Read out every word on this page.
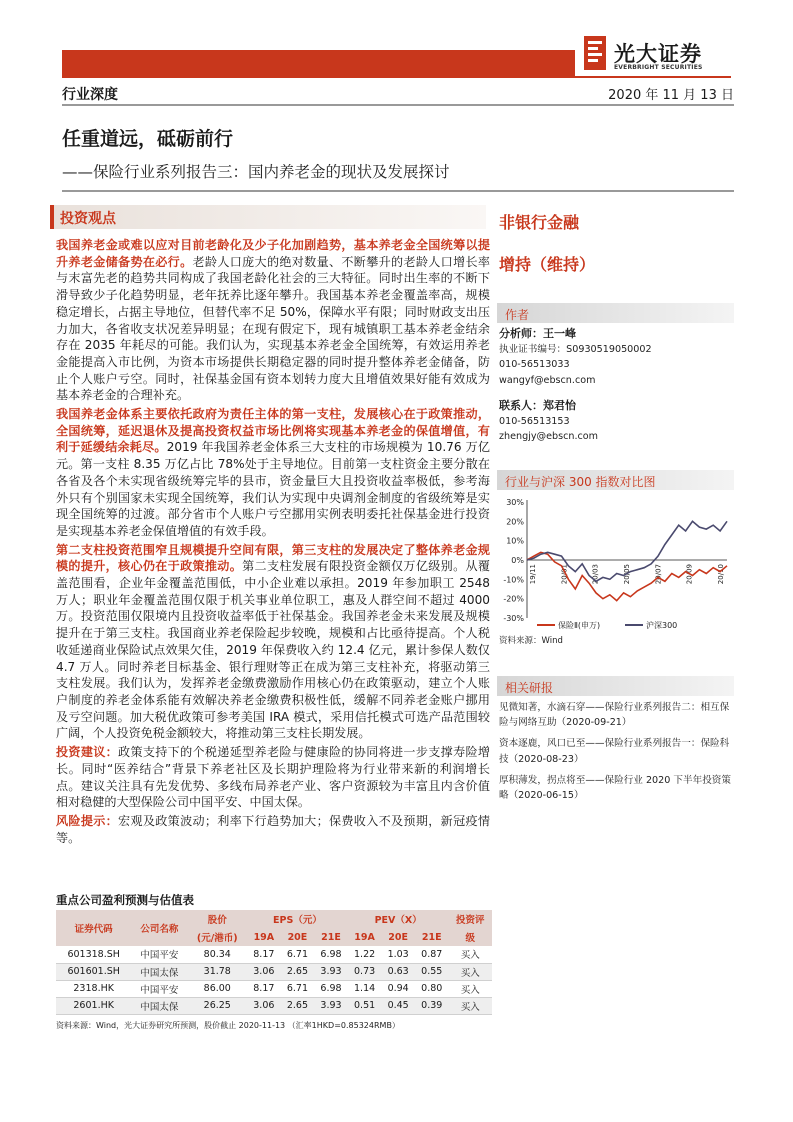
光大证券
EVERBRIGHT SECURITIES
行业深度	2020 年 11 月 13 日
任重道远，砥砺前行
——保险行业系列报告三：国内养老金的现状及发展探讨
投资观点

我国养老金或难以应对目前老龄化及少子化加剧趋势，基本养老金全国统筹以提升养老金储备势在必行。老龄人口庞大的绝对数量、不断攀升的老龄人口增长率与末富先老的趋势共同构成了我国老龄化社会的三大特征。同时出生率的不断下滑导致少子化趋势明显，老年抚养比逐年攀升。我国基本养老金覆盖率高，规模稳定增长，占据主导地位，但替代率不足 50%，保障水平有限；同时财政支出压力加大，各省收支状况差异明显；在现有假定下，现有城镇职工基本养老金结余存在 2035 年耗尽的可能。我们认为，实现基本养老金全国统筹，有效运用养老金能提高入市比例，为资本市场提供长期稳定器的同时提升整体养老金储备，防止个人账户亏空。同时，社保基金国有资本划转力度大且增值效果好能有效成为基本养老金的合理补充。

我国养老金体系主要依托政府为责任主体的第一支柱，发展核心在于政策推动，全国统筹，延迟退休及提高投资权益市场比例将实现基本养老金的保值增值，有利于延缓结余耗尽。2019 年我国养老金体系三大支柱的市场规模为 10.76 万亿元。第一支柱 8.35 万亿占比 78%处于主导地位。目前第一支柱资金主要分散在各省及各个未实现省级统筹完毕的县市，资金量巨大且投资收益率极低，参考海外只有个别国家未实现全国统筹，我们认为实现中央调剂金制度的省级统筹是实现全国统筹的过渡。部分省市个人账户亏空挪用实例表明委托社保基金进行投资是实现基本养老金保值增值的有效手段。

第二支柱投资范围窄且规模提升空间有限，第三支柱的发展决定了整体养老金规模的提升，核心仍在于政策推动。第二支柱发展有限投资金额仅万亿级别。从覆盖范围看，企业年金覆盖范围低，中小企业难以承担。2019 年参加职工 2548 万人；职业年金覆盖范围仅限于机关事业单位职工，惠及人群空间不超过 4000 万。投资范围仅限境内且投资收益率低于社保基金。我国养老金未来发展及规模提升在于第三支柱。我国商业养老保险起步较晚，规模和占比亟待提高。个人税收延递商业保险试点效果欠佳，2019 年保费收入约 12.4 亿元，累计参保人数仅 4.7 万人。同时养老目标基金、银行理财等正在成为第三支柱补充，将驱动第三支柱发展。我们认为，发挥养老金缴费激励作用核心仍在政策驱动，建立个人账户制度的养老金体系能有效解决养老金缴费积极性低，缓解不同养老金账户挪用及亏空问题。加大税优政策可参考美国 IRA 模式，采用信托模式可选产品范围较广阔，个人投资免税金额较大，将推动第三支柱长期发展。

投资建议：政策支持下的个税递延型养老险与健康险的协同将进一步支撑寿险增长。同时“医养结合”背景下养老社区及长期护理险将为行业带来新的利润增长点。建议关注具有先发优势、多线布局养老产业、客户资源较为丰富且内含价值相对稳健的大型保险公司中国平安、中国太保。

风险提示：宏观及政策波动；利率下行趋势加大；保费收入不及预期，新冠疫情等。

非银行金融
增持（维持）
作者
分析师：王一峰
执业证书编号：S0930519050002
010-56513033
wangyf@ebscn.com
联系人：郑君怡
010-56513153
zhengjy@ebscn.com
行业与沪深 300 指数对比图
30%
20%
10%
0%
-10%
-20%
-30%
19/11	20/01	20/03	20/05	20/07	20/09	20/10
保险Ⅱ(申万)	沪深300
资料来源：Wind
相关研报
见微知著，水滴石穿——保险行业系列报告二：相互保险与网络互助（2020-09-21）
资本逐鹿，风口已至——保险行业系列报告一：保险科技（2020-08-23）
厚积薄发，拐点将至——保险行业 2020 下半年投资策略（2020-06-15）
重点公司盈利预测与估值表
证券代码	公司名称	股价	EPS（元）			PEV（X）			投资评
		(元/港币)	19A	20E	21E	19A	20E	21E	级
601318.SH	中国平安	80.34	8.17	6.71	6.98	1.22	1.03	0.87	买入
601601.SH	中国太保	31.78	3.06	2.65	3.93	0.73	0.63	0.55	买入
2318.HK	中国平安	86.00	8.17	6.71	6.98	1.14	0.94	0.80	买入
2601.HK	中国太保	26.25	3.06	2.65	3.93	0.51	0.45	0.39	买入
资料来源：Wind，光大证券研究所预测，股价截止 2020-11-13 （汇率1HKD=0.85324RMB）
